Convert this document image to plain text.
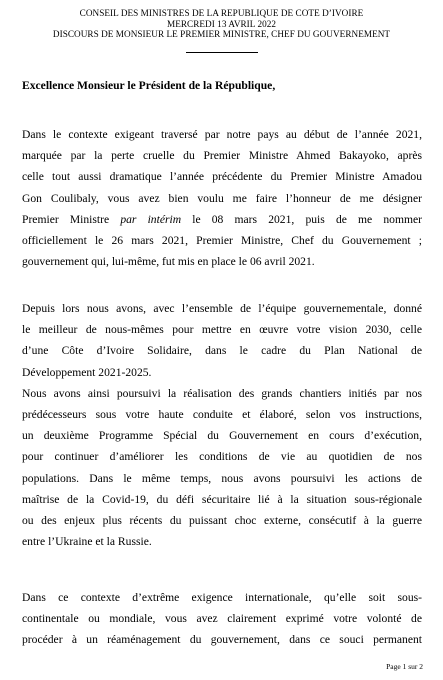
CONSEIL DES MINISTRES DE LA REPUBLIQUE DE COTE D’IVOIRE
MERCREDI 13 AVRIL 2022
DISCOURS DE MONSIEUR LE PREMIER MINISTRE, CHEF DU GOUVERNEMENT
Excellence Monsieur le Président de la République,
Dans le contexte exigeant traversé par notre pays au début de l’année 2021,
marquée par la perte cruelle du Premier Ministre Ahmed Bakayoko, après
celle tout aussi dramatique l’année précédente du Premier Ministre Amadou
Gon Coulibaly, vous avez bien voulu me faire l’honneur de me désigner
Premier Ministre par intérim le 08 mars 2021, puis de me nommer
officiellement le 26 mars 2021, Premier Ministre, Chef du Gouvernement ;
gouvernement qui, lui-même, fut mis en place le 06 avril 2021.
Depuis lors nous avons, avec l’ensemble de l’équipe gouvernementale, donné
le meilleur de nous-mêmes pour mettre en œuvre votre vision 2030, celle
d’une Côte d’Ivoire Solidaire, dans le cadre du Plan National de
Développement 2021-2025.
Nous avons ainsi poursuivi la réalisation des grands chantiers initiés par nos
prédécesseurs sous votre haute conduite et élaboré, selon vos instructions,
un deuxième Programme Spécial du Gouvernement en cours d’exécution,
pour continuer d’améliorer les conditions de vie au quotidien de nos
populations. Dans le même temps, nous avons poursuivi les actions de
maîtrise de la Covid-19, du défi sécuritaire lié à la situation sous-régionale
ou des enjeux plus récents du puissant choc externe, consécutif à la guerre
entre l’Ukraine et la Russie.
Dans ce contexte d’extrême exigence internationale, qu’elle soit sous-
continentale ou mondiale, vous avez clairement exprimé votre volonté de
procéder à un réaménagement du gouvernement, dans ce souci permanent
Page 1 sur 2
